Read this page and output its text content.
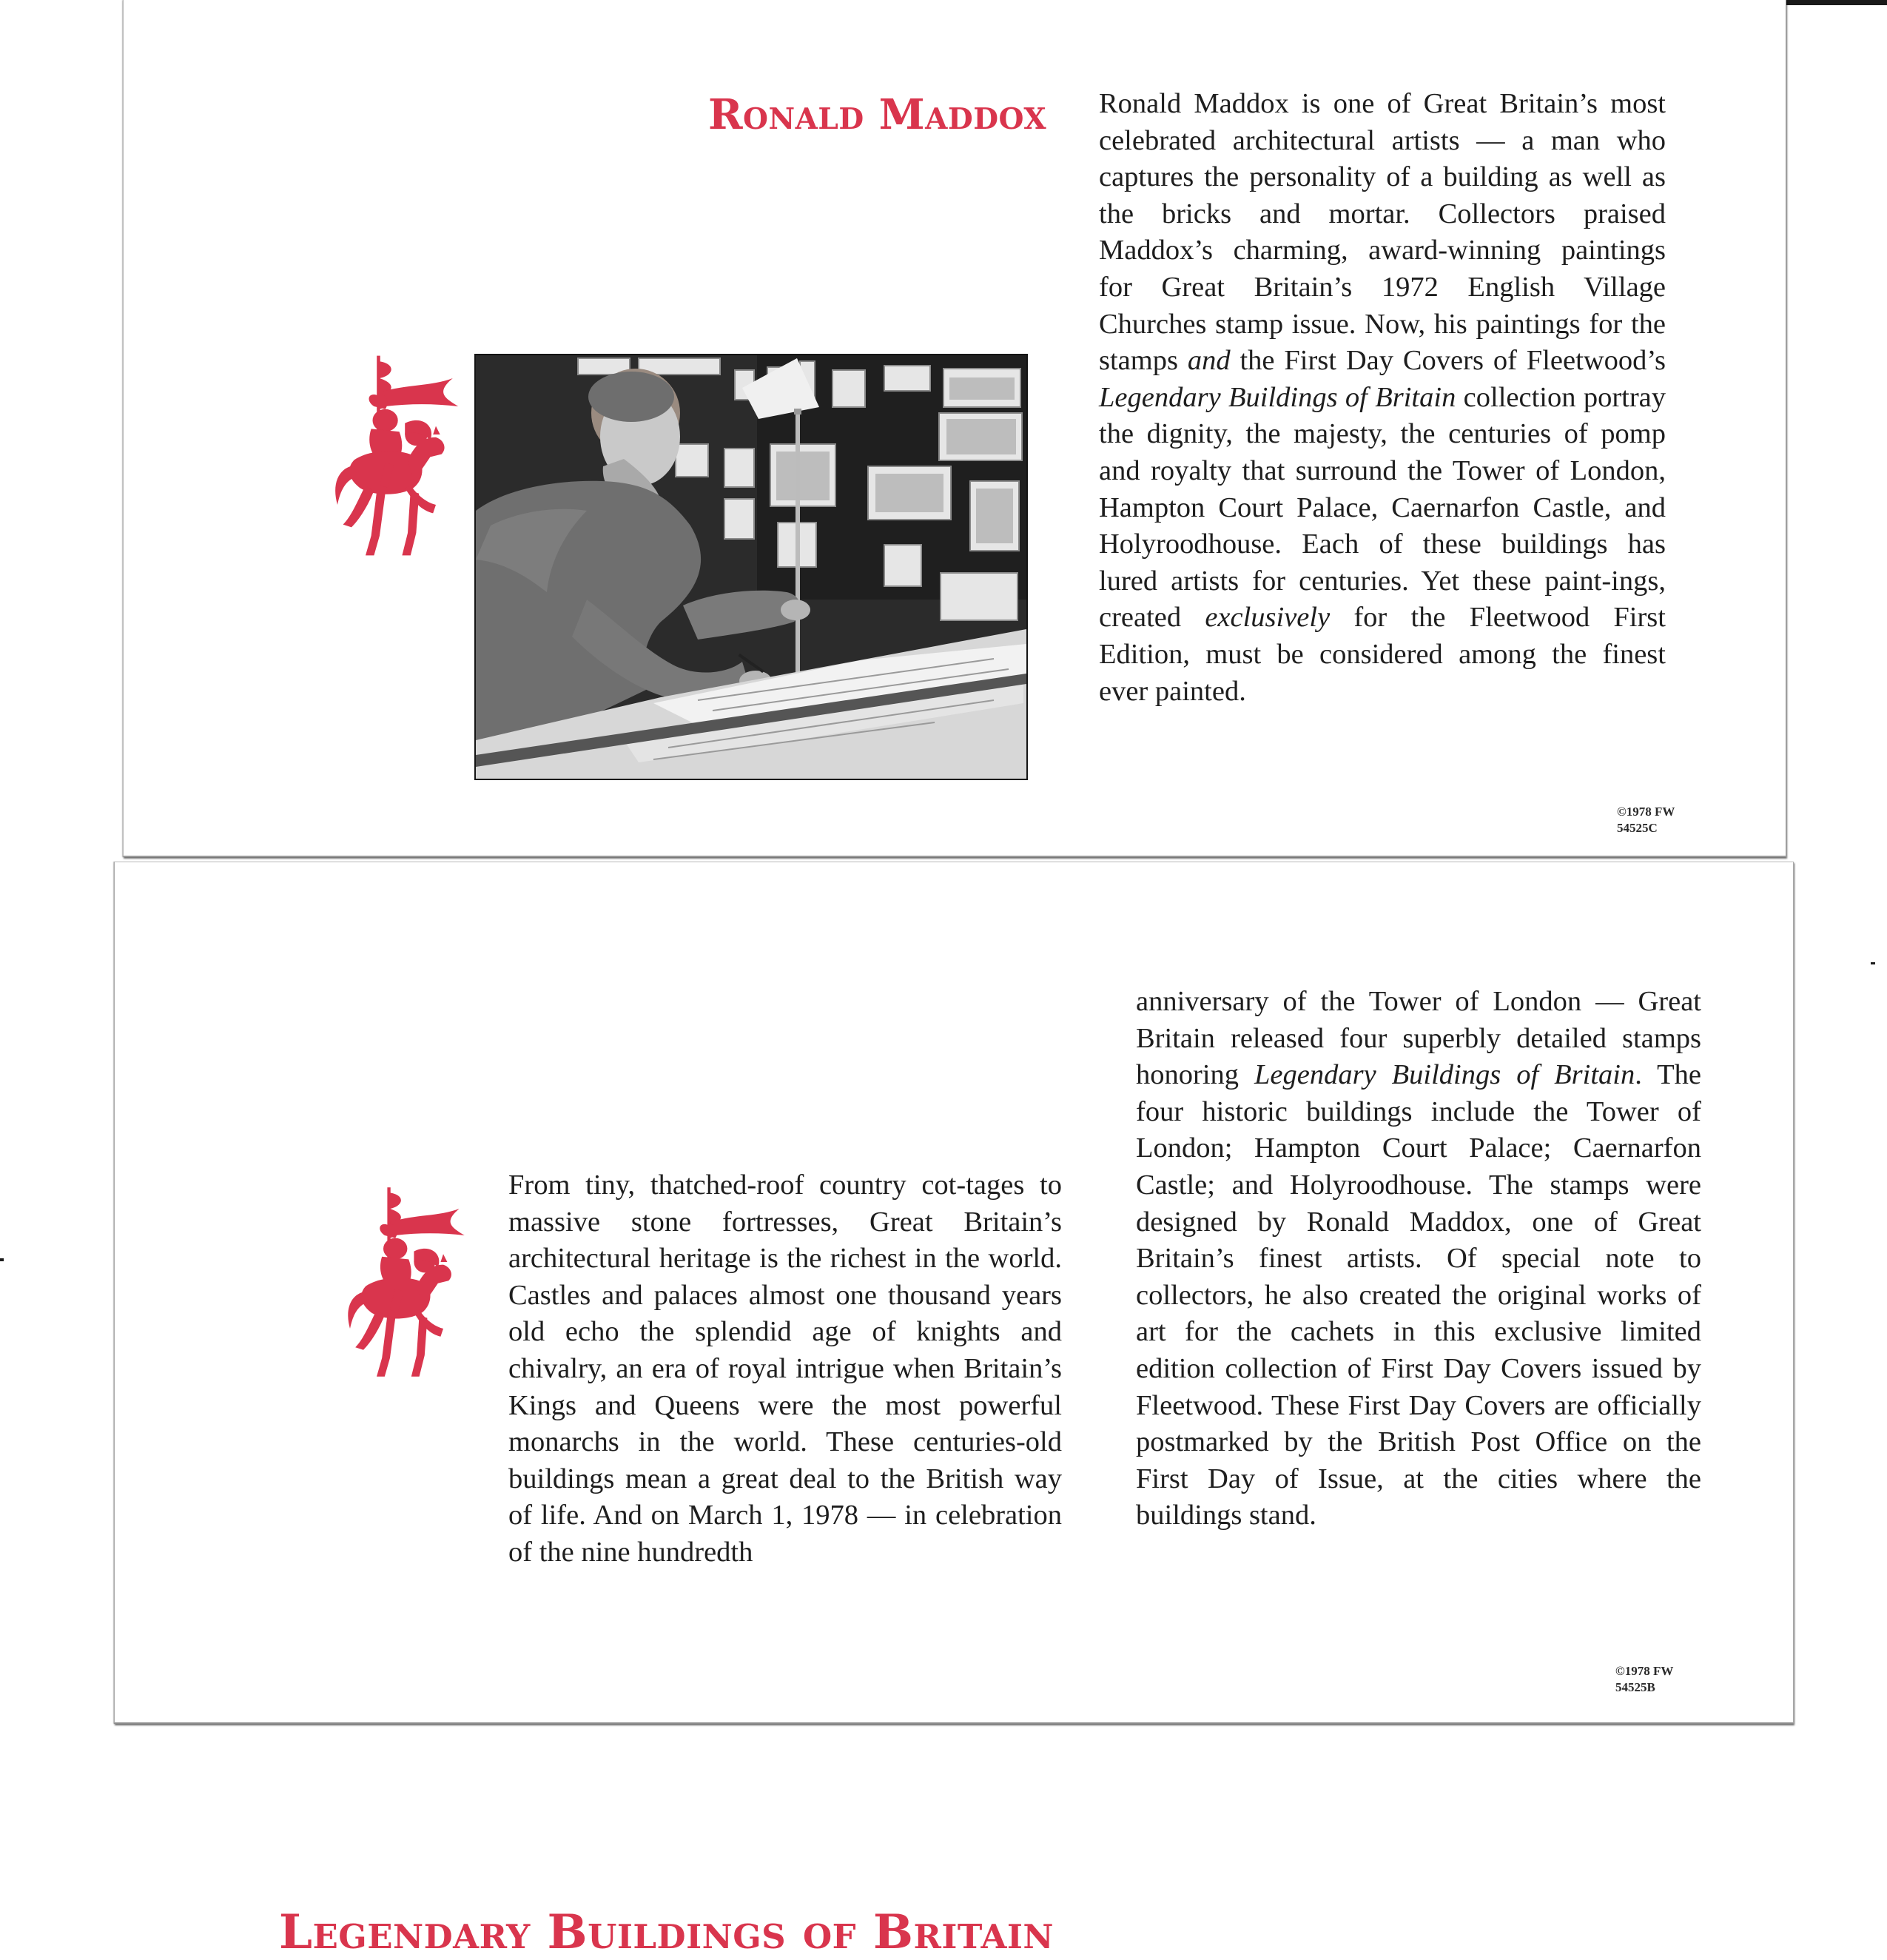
Ronald Maddox Ronald Maddox is one of Great Britain’s most celebrated architectural artists — a man who captures the personality of a building as well as the bricks and mortar. Collectors praised Maddox’s charming, award-winning paintings for Great Britain’s 1972 English Village Churches stamp issue. Now, his paintings for the stamps and the First Day Covers of Fleetwood’s Legendary Buildings of Britain collection portray the dignity, the majesty, the centuries of pomp and royalty that surround the Tower of London, Hampton Court Palace, Caernarfon Castle, and Holyroodhouse. Each of these buildings has lured artists for centuries. Yet these paint-ings, created exclusively for the Fleetwood First Edition, must be considered among the finest ever painted.

©1978 FW
54525C
Legendary Buildings of Britain

From tiny, thatched-roof country cot-tages to massive stone fortresses, Great Britain’s architectural heritage is the richest in the world. Castles and palaces almost one thousand years old echo the splendid age of knights and chivalry, an era of royal intrigue when Britain’s Kings and Queens were the most powerful monarchs in the world. These centuries-old buildings mean a great deal to the British way of life. And on March 1, 1978 — in celebration of the nine hundredth

anniversary of the Tower of London — Great Britain released four superbly detailed stamps honoring Legendary Buildings of Britain. The four historic buildings include the Tower of London; Hampton Court Palace; Caernarfon Castle; and Holyroodhouse. The stamps were designed by Ronald Maddox, one of Great Britain’s finest artists. Of special note to collectors, he also created the original works of art for the cachets in this exclusive limited edition collection of First Day Covers issued by Fleetwood. These First Day Covers are officially postmarked by the British Post Office on the First Day of Issue, at the cities where the buildings stand.

©1978 FW
54525B
